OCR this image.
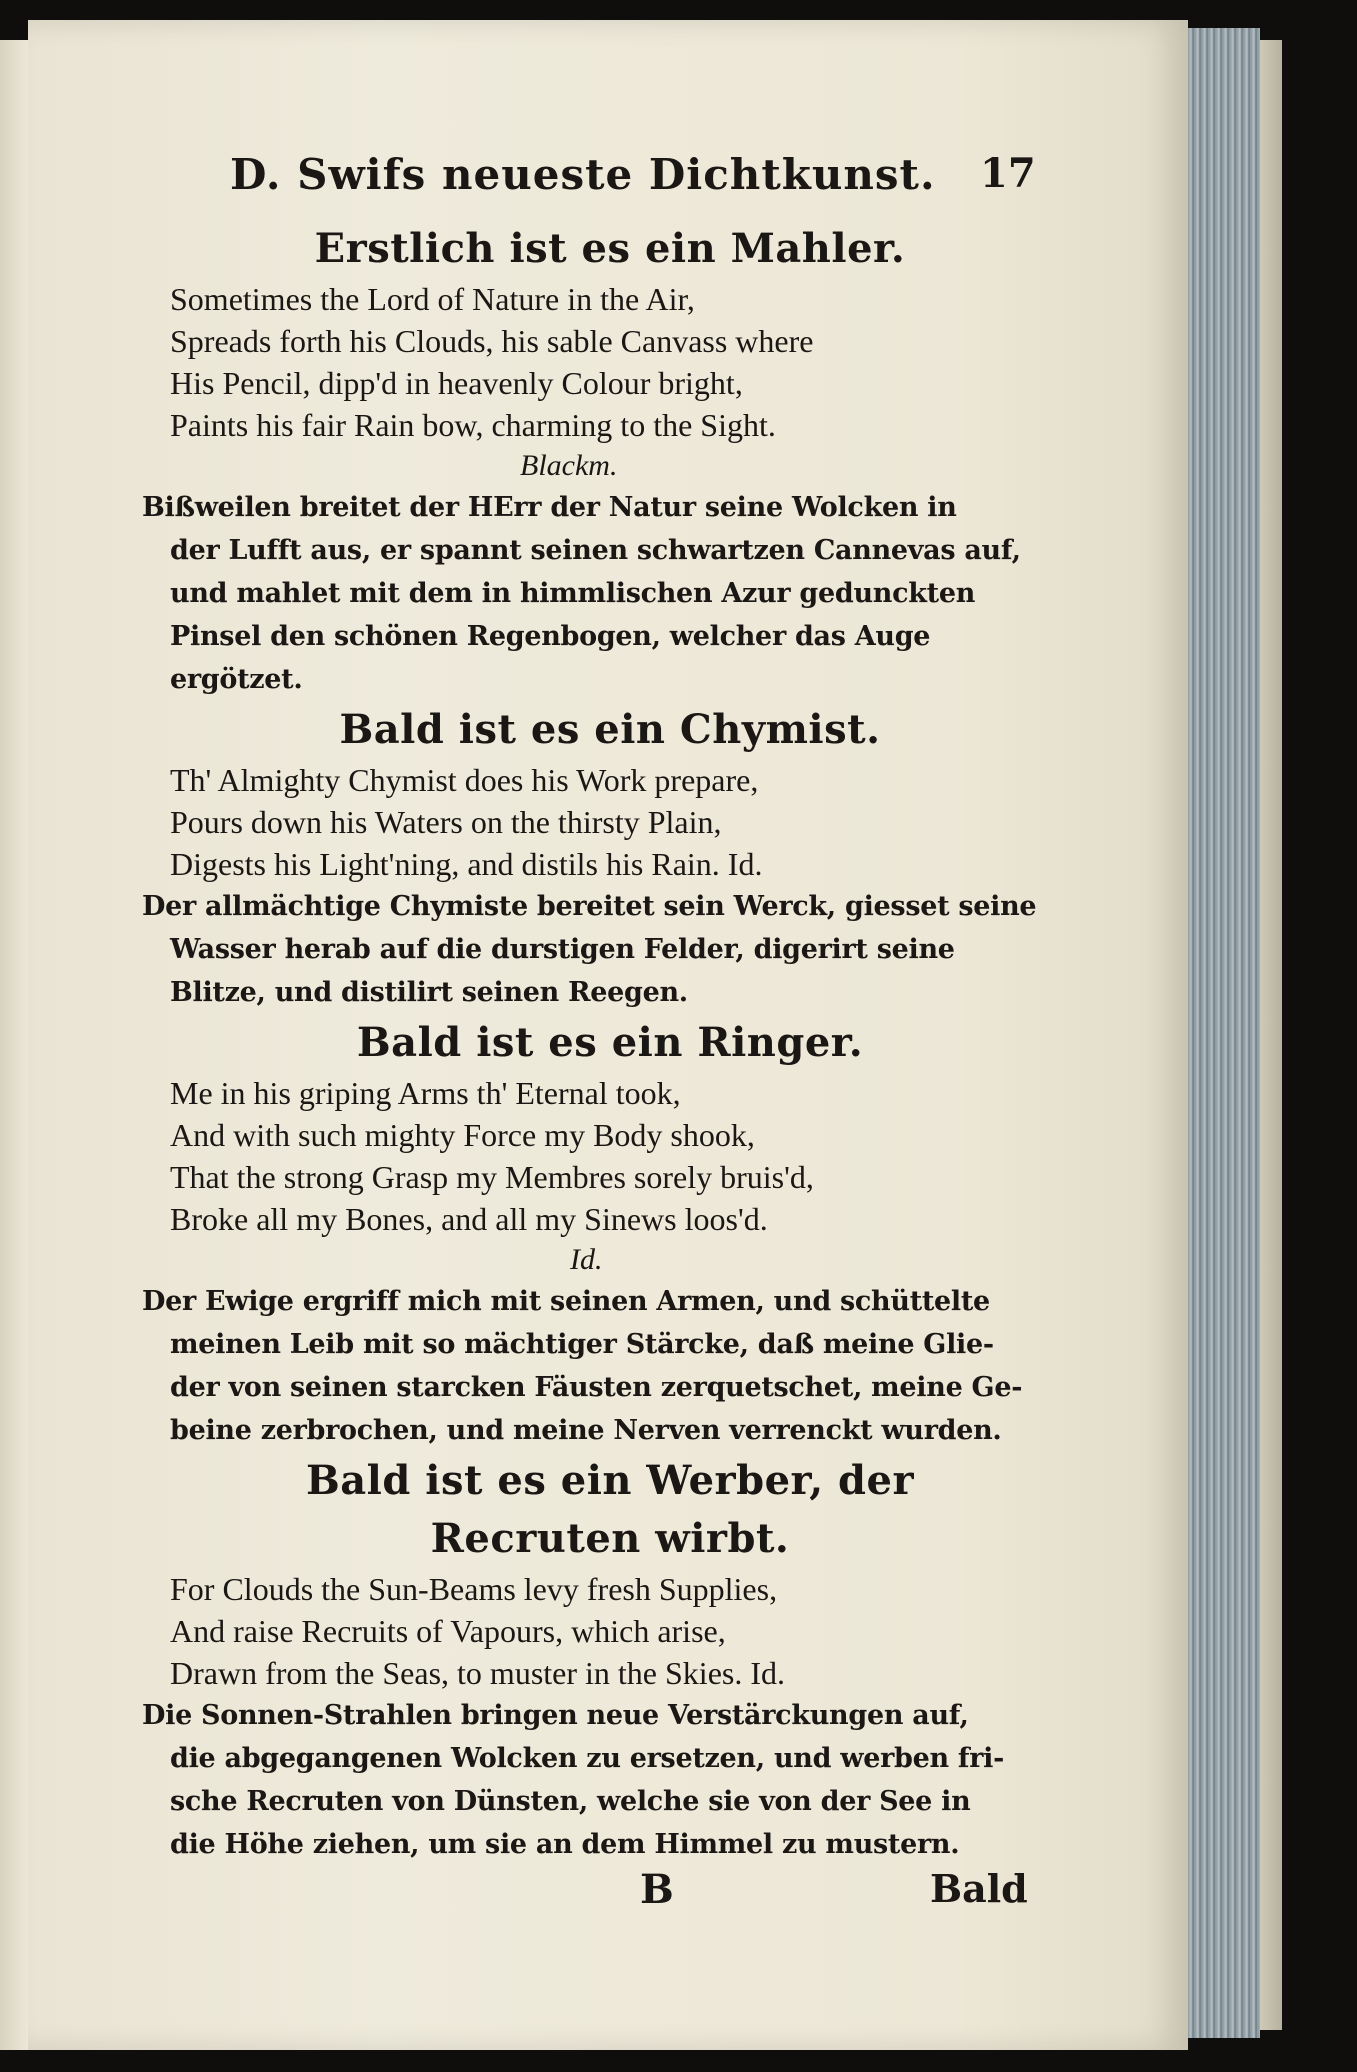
D. Swifs neueste Dichtkunst. 17
Erstlich ist es ein Mahler.
Sometimes the Lord of Nature in the Air,
Spreads forth his Clouds, his sable Canvass where
His Pencil, dipp'd in heavenly Colour bright,
Paints his fair Rain bow, charming to the Sight.
Blackm.
Bißweilen breitet der HErr der Natur seine Wolcken in
der Lufft aus, er spannt seinen schwartzen Cannevas auf,
und mahlet mit dem in himmlischen Azur gedunckten
Pinsel den schönen Regenbogen, welcher das Auge
ergötzet.
Bald ist es ein Chymist.
Th' Almighty Chymist does his Work prepare,
Pours down his Waters on the thirsty Plain,
Digests his Light'ning, and distils his Rain. Id.
Der allmächtige Chymiste bereitet sein Werck, giesset seine
Wasser herab auf die durstigen Felder, digerirt seine
Blitze, und distilirt seinen Reegen.
Bald ist es ein Ringer.
Me in his griping Arms th' Eternal took,
And with such mighty Force my Body shook,
That the strong Grasp my Membres sorely bruis'd,
Broke all my Bones, and all my Sinews loos'd.
Id.
Der Ewige ergriff mich mit seinen Armen, und schüttelte
meinen Leib mit so mächtiger Stärcke, daß meine Glie-
der von seinen starcken Fäusten zerquetschet, meine Ge-
beine zerbrochen, und meine Nerven verrenckt wurden.
Bald ist es ein Werber, der Recruten wirbt.
For Clouds the Sun-Beams levy fresh Supplies,
And raise Recruits of Vapours, which arise,
Drawn from the Seas, to muster in the Skies. Id.
Die Sonnen-Strahlen bringen neue Verstärckungen auf,
die abgegangenen Wolcken zu ersetzen, und werben fri-
sche Recruten von Dünsten, welche sie von der See in
die Höhe ziehen, um sie an dem Himmel zu mustern.
B	Bald
